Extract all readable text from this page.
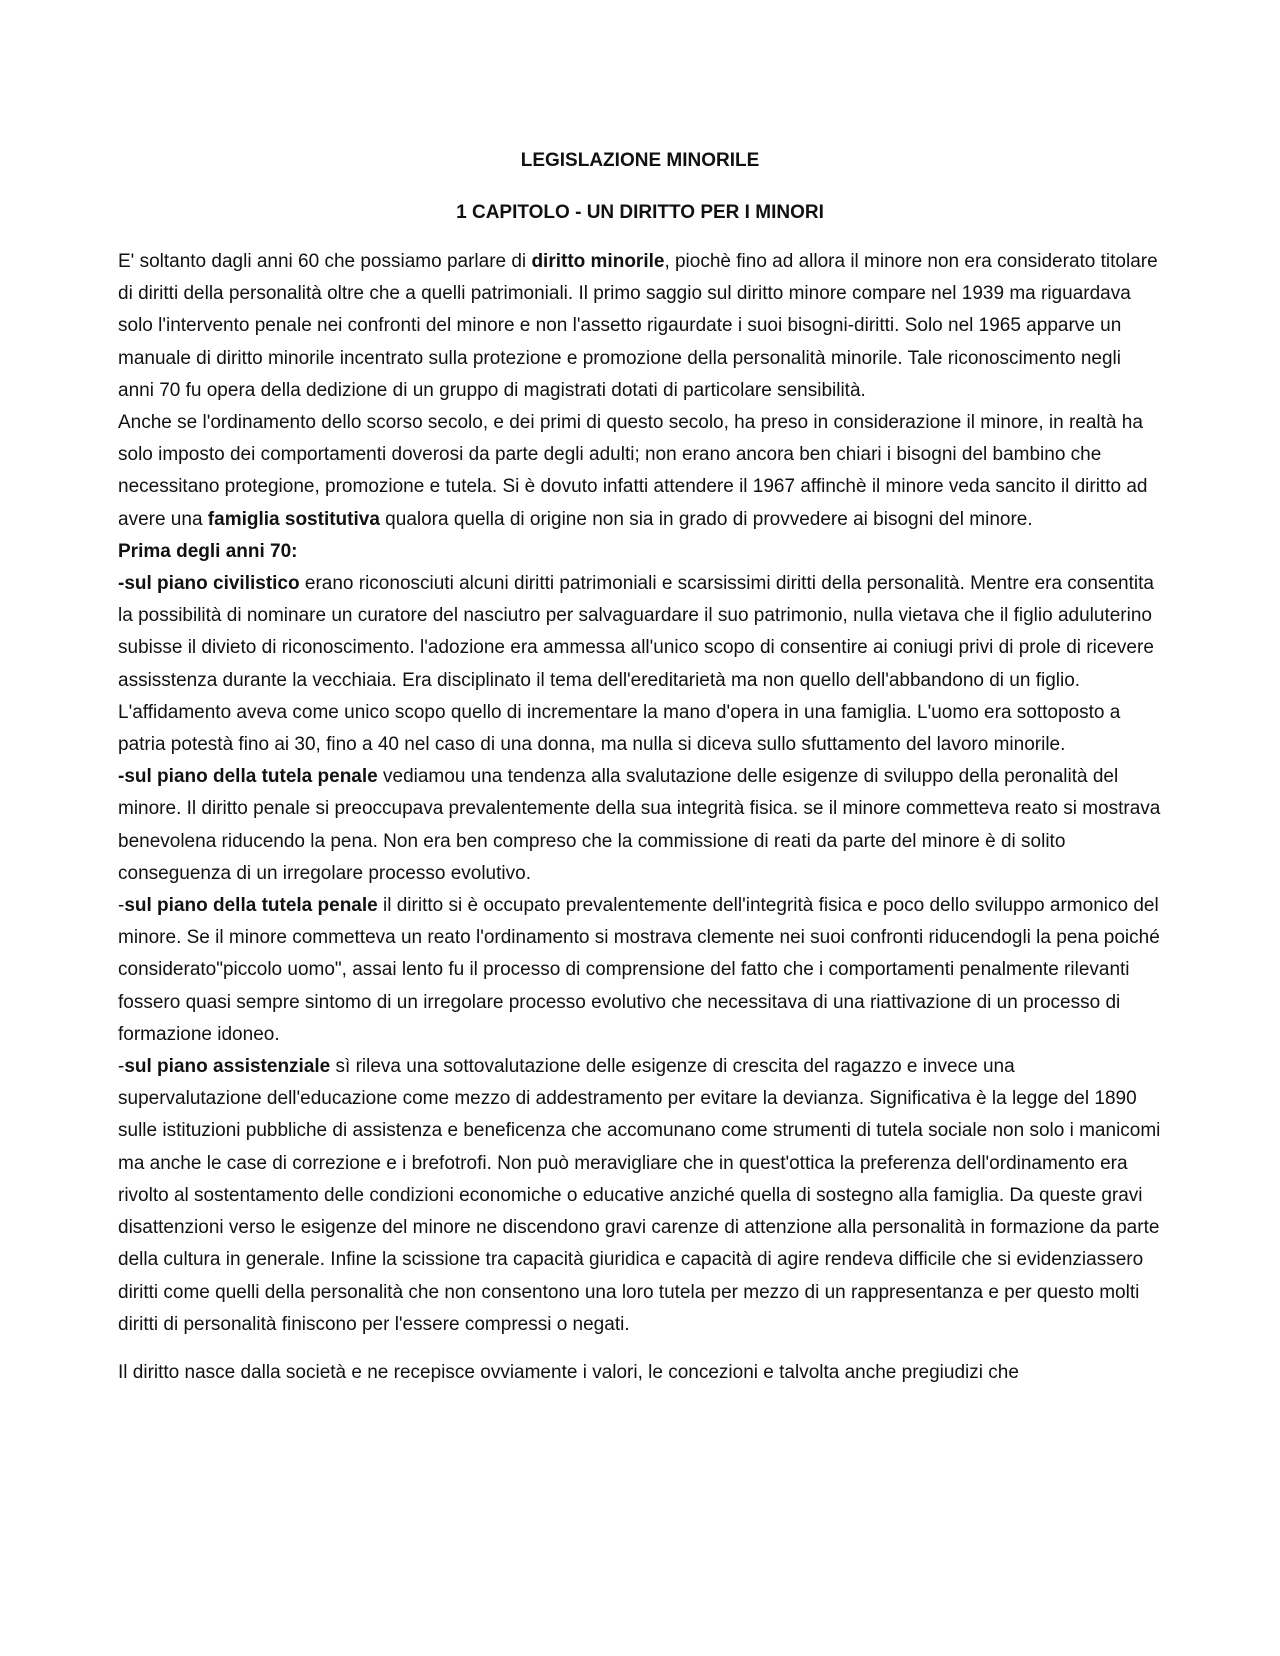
LEGISLAZIONE MINORILE
1 CAPITOLO - UN DIRITTO PER I MINORI

E' soltanto dagli anni 60 che possiamo parlare di diritto minorile, piochè fino ad allora il minore non era considerato titolare di diritti della personalità oltre che a quelli patrimoniali. Il primo saggio sul diritto minore compare nel 1939 ma riguardava solo l'intervento penale nei confronti del minore e non l'assetto rigaurdate i suoi bisogni-diritti. Solo nel 1965 apparve un manuale di diritto minorile incentrato sulla protezione e promozione della personalità minorile. Tale riconoscimento negli anni 70 fu opera della dedizione di un gruppo di magistrati dotati di particolare sensibilità.

Anche se l'ordinamento dello scorso secolo, e dei primi di questo secolo, ha preso in considerazione il minore, in realtà ha solo imposto dei comportamenti doverosi da parte degli adulti; non erano ancora ben chiari i bisogni del bambino che necessitano protegione, promozione e tutela. Si è dovuto infatti attendere il 1967 affinchè il minore veda sancito il diritto ad avere una famiglia sostitutiva qualora quella di origine non sia in grado di provvedere ai bisogni del minore.

Prima degli anni 70:

-sul piano civilistico erano riconosciuti alcuni diritti patrimoniali e scarsissimi diritti della personalità. Mentre era consentita la possibilità di nominare un curatore del nasciutro per salvaguardare il suo patrimonio, nulla vietava che il figlio aduluterino subisse il divieto di riconoscimento. l'adozione era ammessa all'unico scopo di consentire ai coniugi privi di prole di ricevere assisstenza durante la vecchiaia. Era disciplinato il tema dell'ereditarietà ma non quello dell'abbandono di un figlio. L'affidamento aveva come unico scopo quello di incrementare la mano d'opera in una famiglia. L'uomo era sottoposto a patria potestà fino ai 30, fino a 40 nel caso di una donna, ma nulla si diceva sullo sfuttamento del lavoro minorile.

-sul piano della tutela penale vediamou una tendenza alla svalutazione delle esigenze di sviluppo della peronalità del minore. Il diritto penale si preoccupava prevalentemente della sua integrità fisica. se il minore commetteva reato si mostrava benevolena riducendo la pena. Non era ben compreso che la commissione di reati da parte del minore è di solito conseguenza di un irregolare processo evolutivo.

-sul piano della tutela penale il diritto si è occupato prevalentemente dell'integrità fisica e poco dello sviluppo armonico del minore. Se il minore commetteva un reato l'ordinamento si mostrava clemente nei suoi confronti riducendogli la pena poiché considerato"piccolo uomo", assai lento fu il processo di comprensione del fatto che i comportamenti penalmente rilevanti fossero quasi sempre sintomo di un irregolare processo evolutivo che necessitava di una riattivazione di un processo di formazione idoneo.

-sul piano assistenziale sì rileva una sottovalutazione delle esigenze di crescita del ragazzo e invece una supervalutazione dell'educazione come mezzo di addestramento per evitare la devianza. Significativa è la legge del 1890 sulle istituzioni pubbliche di assistenza e beneficenza che accomunano come strumenti di tutela sociale non solo i manicomi ma anche le case di correzione e i brefotrofi. Non può meravigliare che in quest'ottica la preferenza dell'ordinamento era rivolto al sostentamento delle condizioni economiche o educative anziché quella di sostegno alla famiglia. Da queste gravi disattenzioni verso le esigenze del minore ne discendono gravi carenze di attenzione alla personalità in formazione da parte della cultura in generale. Infine la scissione tra capacità giuridica e capacità di agire rendeva difficile che si evidenziassero diritti come quelli della personalità che non consentono una loro tutela per mezzo di un rappresentanza e per questo molti diritti di personalità finiscono per l'essere compressi o negati.

Il diritto nasce dalla società e ne recepisce ovviamente i valori, le concezioni e talvolta anche pregiudizi che
